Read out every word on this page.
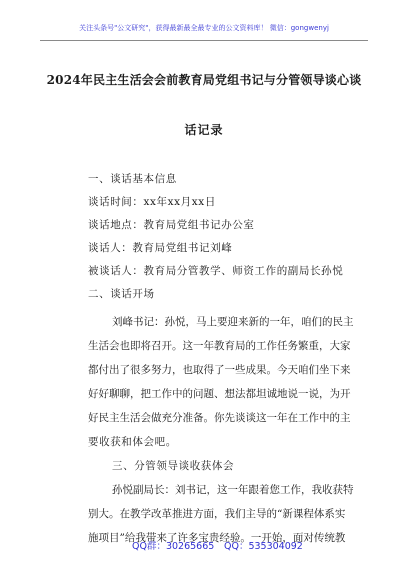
关注头条号"公文研究"，获得最新最全最专业的公文资料库！ 微信：gongwenyj
2024年民主生活会会前教育局党组书记与分管领导谈心谈
话记录
一、谈话基本信息
谈话时间：xx年xx月xx日
谈话地点：教育局党组书记办公室
谈话人：教育局党组书记刘峰
被谈话人：教育局分管教学、师资工作的副局长孙悦
二、谈话开场
刘峰书记：孙悦，马上要迎来新的一年，咱们的民主
生活会也即将召开。这一年教育局的工作任务繁重，大家
都付出了很多努力，也取得了一些成果。今天咱们坐下来
好好聊聊，把工作中的问题、想法都坦诚地说一说，为开
好民主生活会做充分准备。你先谈谈这一年在工作中的主
要收获和体会吧。
三、分管领导谈收获体会
孙悦副局长：刘书记，这一年跟着您工作，我收获特
别大。在教学改革推进方面，我们主导的“新课程体系实
施项目”给我带来了许多宝贵经验。一开始，面对传统教
QQ群：30265665 QQ：535304092
